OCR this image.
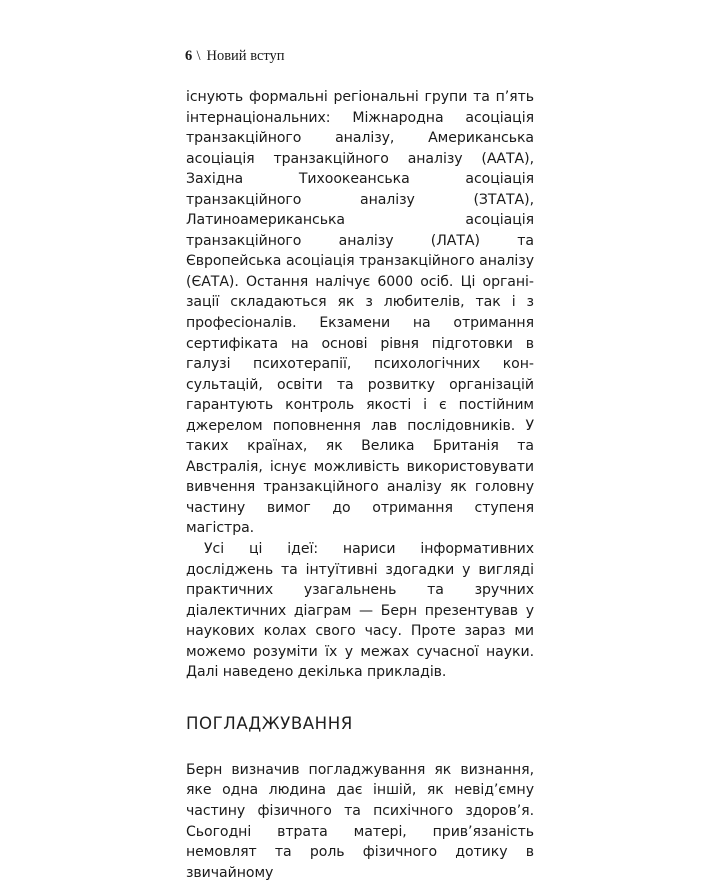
6 \ Новий вступ

існують формальні регіональні групи та п’ять інтернаціональних: Міжнародна асоціація транзакційного аналізу, Американська асоціація транзакційного аналізу (ААТА), Західна Тихоокеанська асоціація транзакційного аналізу (ЗТАТА), Латиноамериканська асоціація транзакційного аналізу (ЛАТА) та Європейська асоціація транзакційного аналізу (ЄАТА). Остання налічує 6000 осіб. Ці організації складаються як з любителів, так і з професіоналів. Екзамени на отримання сертифіката на основі рівня підготовки в галузі психотерапії, психологічних консультацій, освіти та розвитку організацій гарантують контроль якості і є постійним джерелом поповнення лав послідовників. У таких країнах, як Велика Британія та Австралія, існує можливість використовувати вивчення транзакційного аналізу як головну частину вимог до отримання ступеня магістра.

Усі ці ідеї: нариси інформативних досліджень та інтуїтивні здогадки у вигляді практичних узагальнень та зручних діалектичних діаграм — Берн презентував у наукових колах свого часу. Проте зараз ми можемо розуміти їх у межах сучасної науки. Далі наведено декілька прикладів.

ПОГЛАДЖУВАННЯ

Берн визначив погладжування як визнання, яке одна людина дає іншій, як невід’ємну частину фізичного та психічного здоров’я. Сьогодні втрата матері, прив’язаність немовлят та роль фізичного дотику в звичайному
